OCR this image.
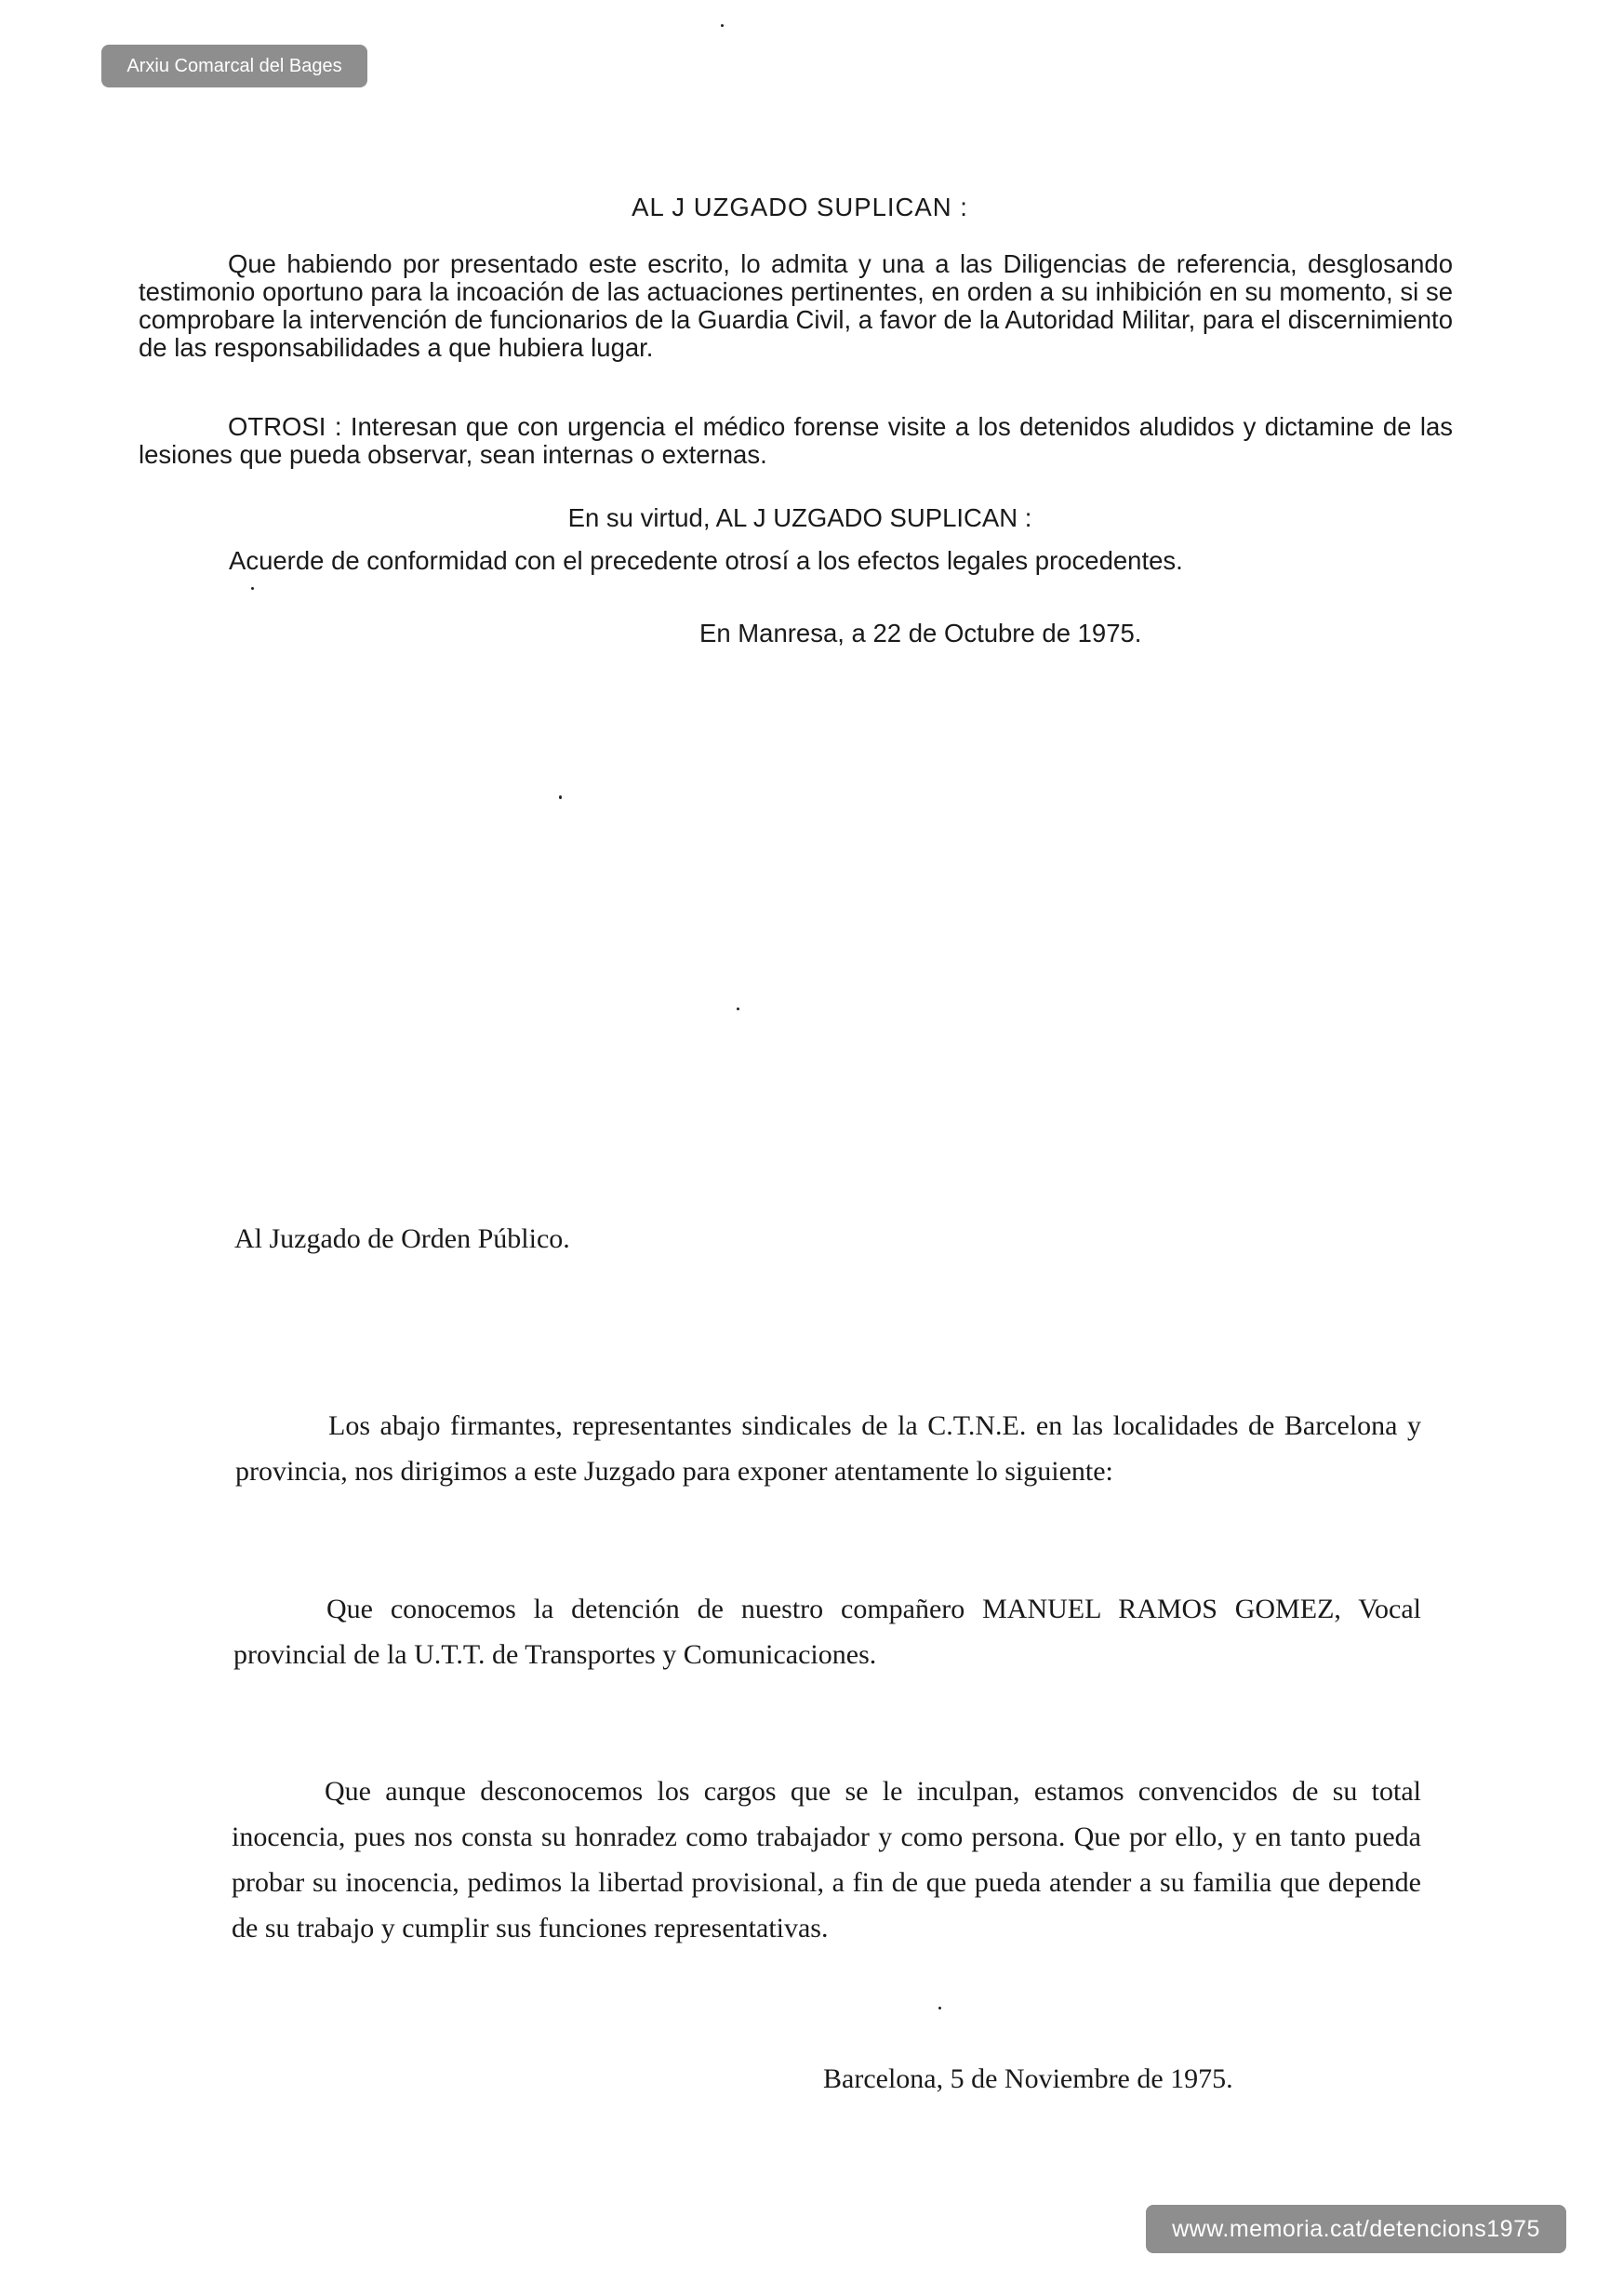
Arxiu Comarcal del Bages
www.memoria.cat/detencions1975

AL J UZGADO SUPLICAN :

Que habiendo por presentado este escrito, lo admita y una a las Diligencias de referencia, desglosando testimonio oportuno para la incoación de las actuaciones pertinentes, en orden a su inhibición en su momento, si se comprobare la intervención de funcionarios de la Guardia Civil, a favor de la Autoridad Militar, para el discernimiento de las responsabilidades a que hubiera lugar.

OTROSI : Interesan que con urgencia el médico forense visite a los detenidos aludidos y dictamine de las lesiones que pueda observar, sean internas o externas.

En su virtud, AL J UZGADO SUPLICAN :

Acuerde de conformidad con el precedente otrosí a los efectos legales procedentes.

En Manresa, a 22 de Octubre de 1975.

Al Juzgado de Orden Público.

Los abajo firmantes, representantes sindicales de la C.T.N.E. en las localidades de Barcelona y provincia, nos dirigimos a este Juzgado para exponer atentamente lo siguiente:

Que conocemos la detención de nuestro compañero MANUEL RAMOS GOMEZ, Vocal provincial de la U.T.T. de Transportes y Comunicaciones.

Que aunque desconocemos los cargos que se le inculpan, estamos convencidos de su total inocencia, pues nos consta su honradez como trabajador y como persona. Que por ello, y en tanto pueda probar su inocencia, pedimos la libertad provisional, a fin de que pueda atender a su familia que depende de su trabajo y cumplir sus funciones representativas.

Barcelona, 5 de Noviembre de 1975.
